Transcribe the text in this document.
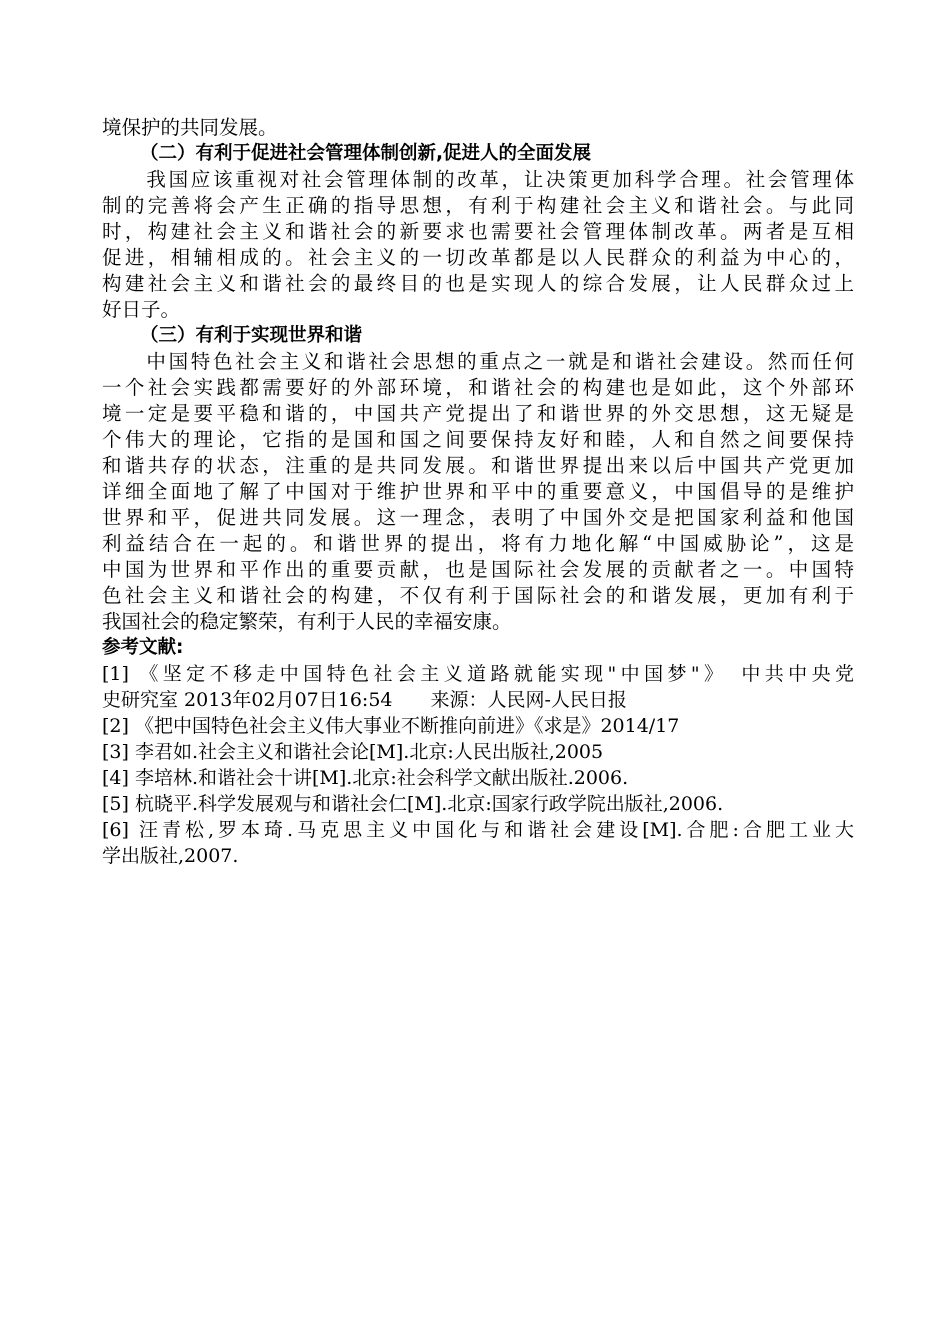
境保护的共同发展。
（二）有利于促进社会管理体制创新,促进人的全面发展
　　我国应该重视对社会管理体制的改革，让决策更加科学合理。社会管理体
制的完善将会产生正确的指导思想，有利于构建社会主义和谐社会。与此同
时，构建社会主义和谐社会的新要求也需要社会管理体制改革。两者是互相
促进，相辅相成的。社会主义的一切改革都是以人民群众的利益为中心的，
构建社会主义和谐社会的最终目的也是实现人的综合发展，让人民群众过上
好日子。
（三）有利于实现世界和谐
　　中国特色社会主义和谐社会思想的重点之一就是和谐社会建设。然而任何
一个社会实践都需要好的外部环境，和谐社会的构建也是如此，这个外部环
境一定是要平稳和谐的，中国共产党提出了和谐世界的外交思想，这无疑是
个伟大的理论，它指的是国和国之间要保持友好和睦，人和自然之间要保持
和谐共存的状态，注重的是共同发展。和谐世界提出来以后中国共产党更加
详细全面地了解了中国对于维护世界和平中的重要意义，中国倡导的是维护
世界和平，促进共同发展。这一理念，表明了中国外交是把国家利益和他国
利益结合在一起的。和谐世界的提出，将有力地化解“中国威胁论”，这是
中国为世界和平作出的重要贡献，也是国际社会发展的贡献者之一。中国特
色社会主义和谐社会的构建，不仅有利于国际社会的和谐发展，更加有利于
我国社会的稳定繁荣，有利于人民的幸福安康。
参考文献:
[1] 《坚定不移走中国特色社会主义道路就能实现"中国梦"》　中共中央党
史研究室 2013年02月07日16:54　　来源：人民网-人民日报
[2] 《把中国特色社会主义伟大事业不断推向前进》《求是》2014/17
[3] 李君如.社会主义和谐社会论[M].北京:人民出版社,2005
[4] 李培林.和谐社会十讲[M].北京:社会科学文献出版社.2006.
[5] 杭晓平.科学发展观与和谐社会仁[M].北京:国家行政学院出版社,2006.
[6] 汪青松,罗本琦.马克思主义中国化与和谐社会建设[M].合肥:合肥工业大
学出版社,2007.
